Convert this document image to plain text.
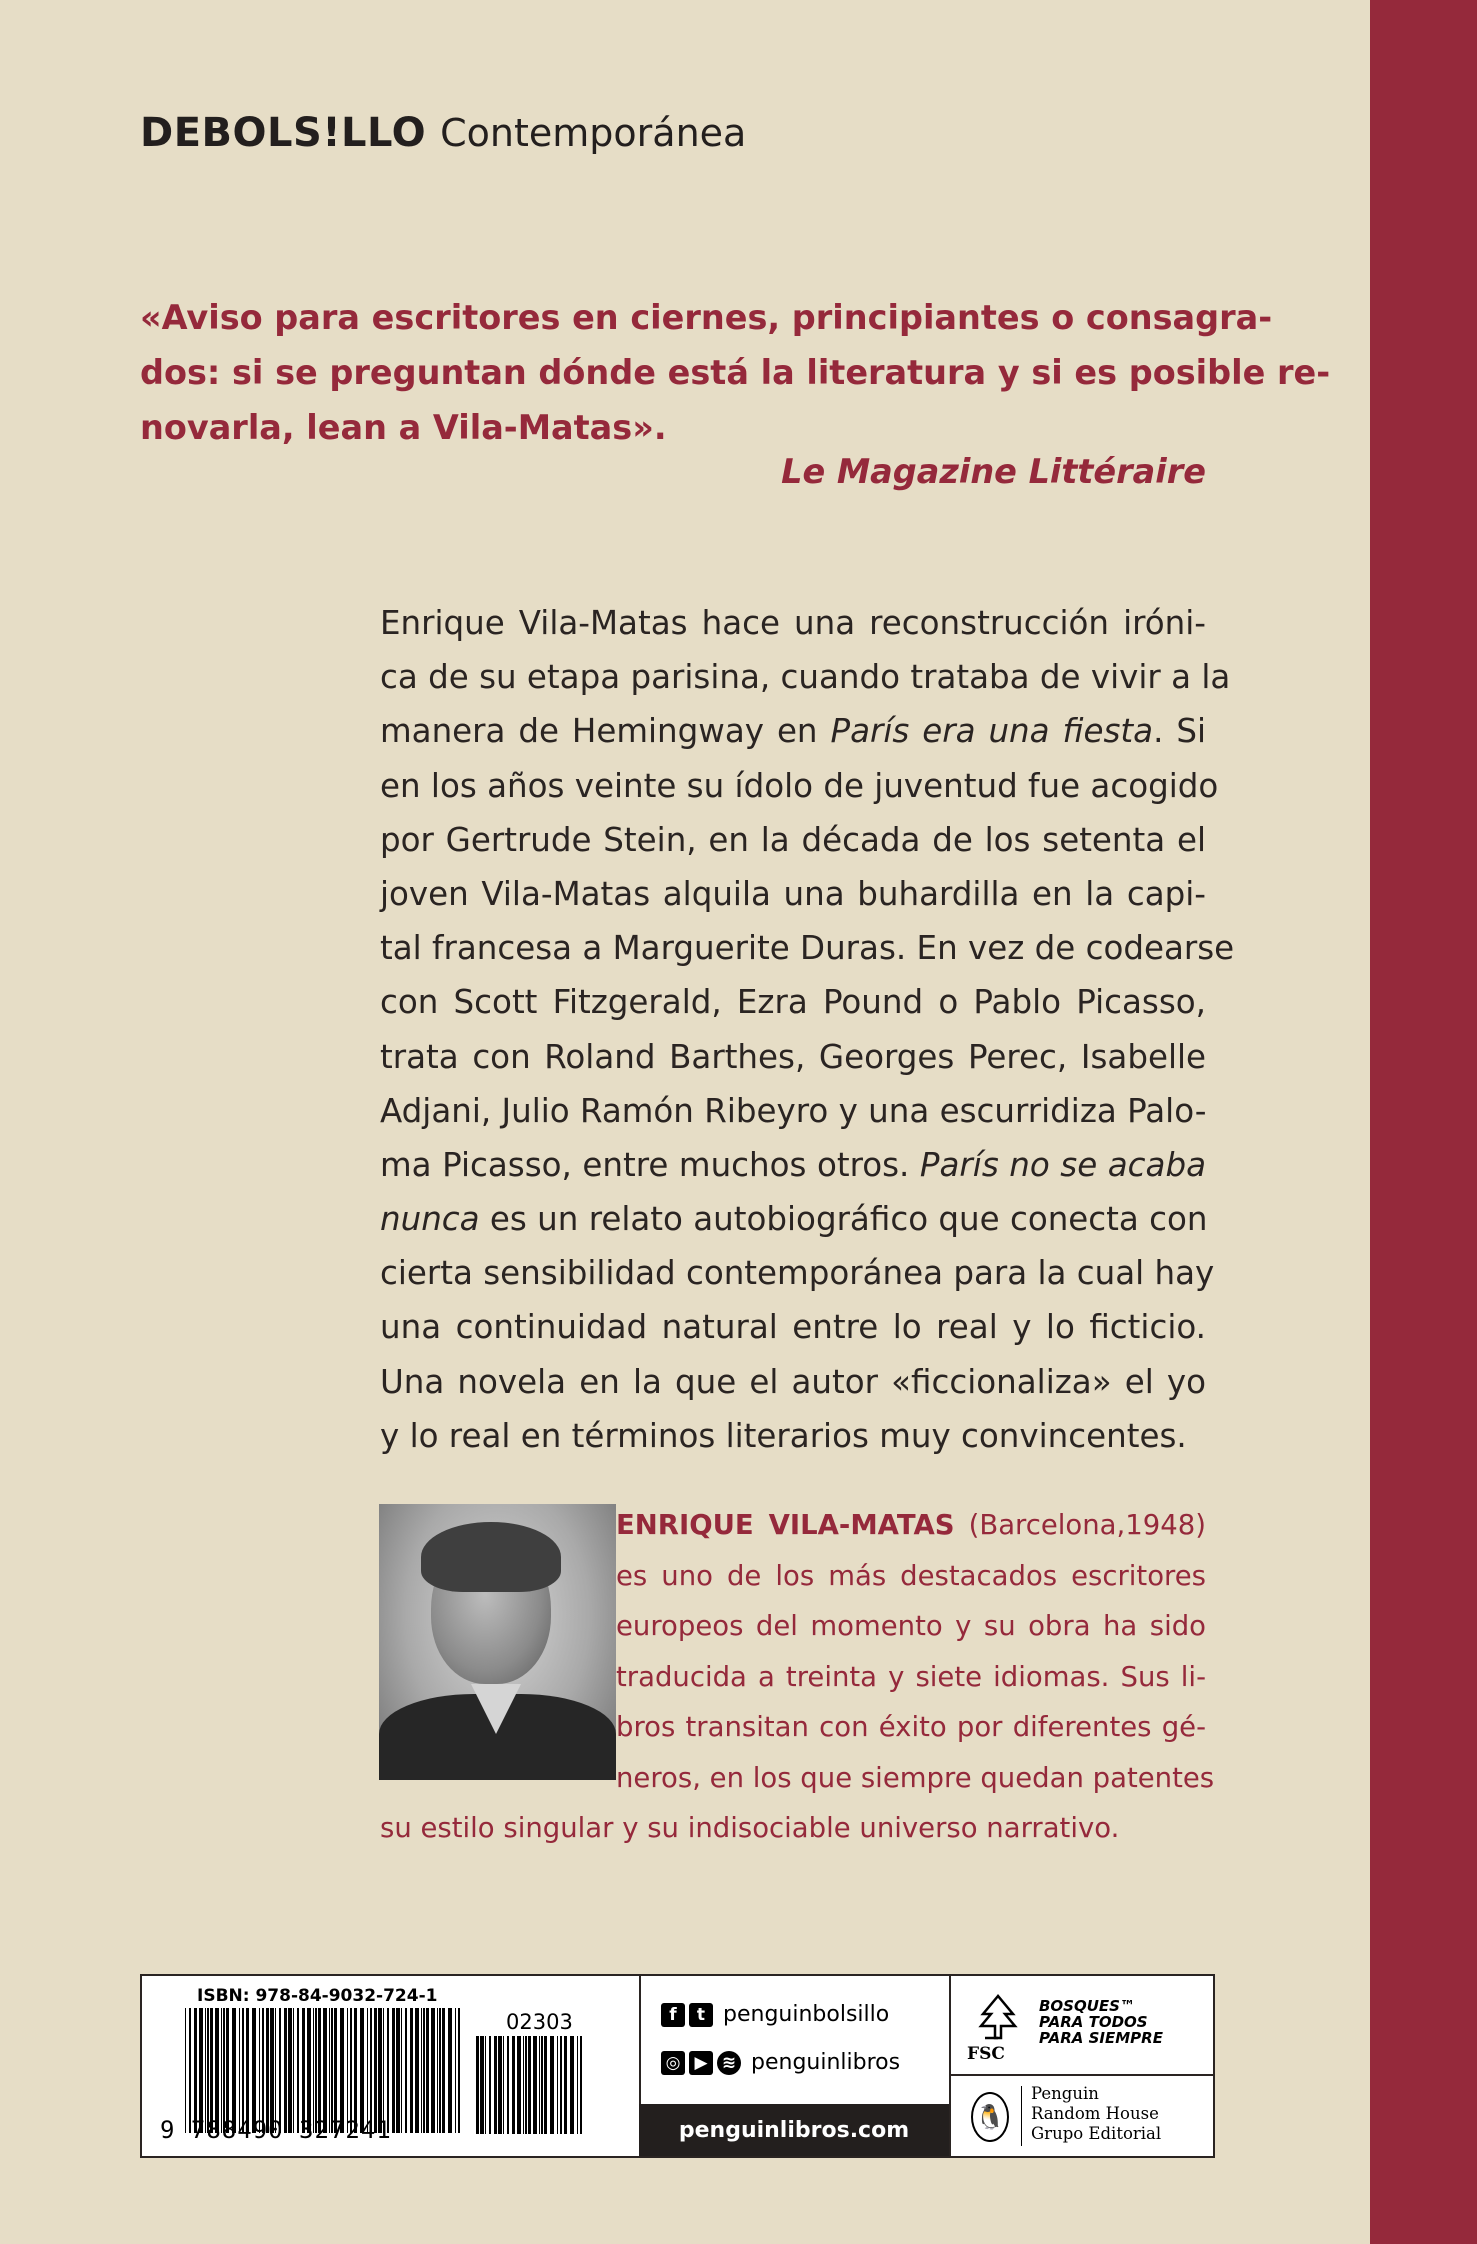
DEBOLS!LLO Contemporánea
«Aviso para escritores en ciernes, principiantes o consagra-
dos: si se preguntan dónde está la literatura y si es posible re-
novarla, lean a Vila-Matas».
Le Magazine Littéraire
Enrique Vila-Matas hace una reconstrucción iróni-
ca de su etapa parisina, cuando trataba de vivir a la
manera de Hemingway en París era una fiesta. Si
en los años veinte su ídolo de juventud fue acogido
por Gertrude Stein, en la década de los setenta el
joven Vila-Matas alquila una buhardilla en la capi-
tal francesa a Marguerite Duras. En vez de codearse
con Scott Fitzgerald, Ezra Pound o Pablo Picasso,
trata con Roland Barthes, Georges Perec, Isabelle
Adjani, Julio Ramón Ribeyro y una escurridiza Palo-
ma Picasso, entre muchos otros. París no se acaba
nunca es un relato autobiográfico que conecta con
cierta sensibilidad contemporánea para la cual hay
una continuidad natural entre lo real y lo ficticio.
Una novela en la que el autor «ficcionaliza» el yo
y lo real en términos literarios muy convincentes.
ENRIQUE VILA-MATAS (Barcelona,1948)
es uno de los más destacados escritores
europeos del momento y su obra ha sido
traducida a treinta y siete idiomas. Sus li-
bros transitan con éxito por diferentes gé-
neros, en los que siempre quedan patentes
su estilo singular y su indisociable universo narrativo.
ISBN: 978-84-9032-724-1
9 788490 327241
02303	f	t penguinbolsillo
◎ ▶ ≋ penguinlibros
penguinlibros.com
FSC
BOSQUES™
PARA TODOS
PARA SIEMPRE
🐧
Penguin
Random House
Grupo Editorial
